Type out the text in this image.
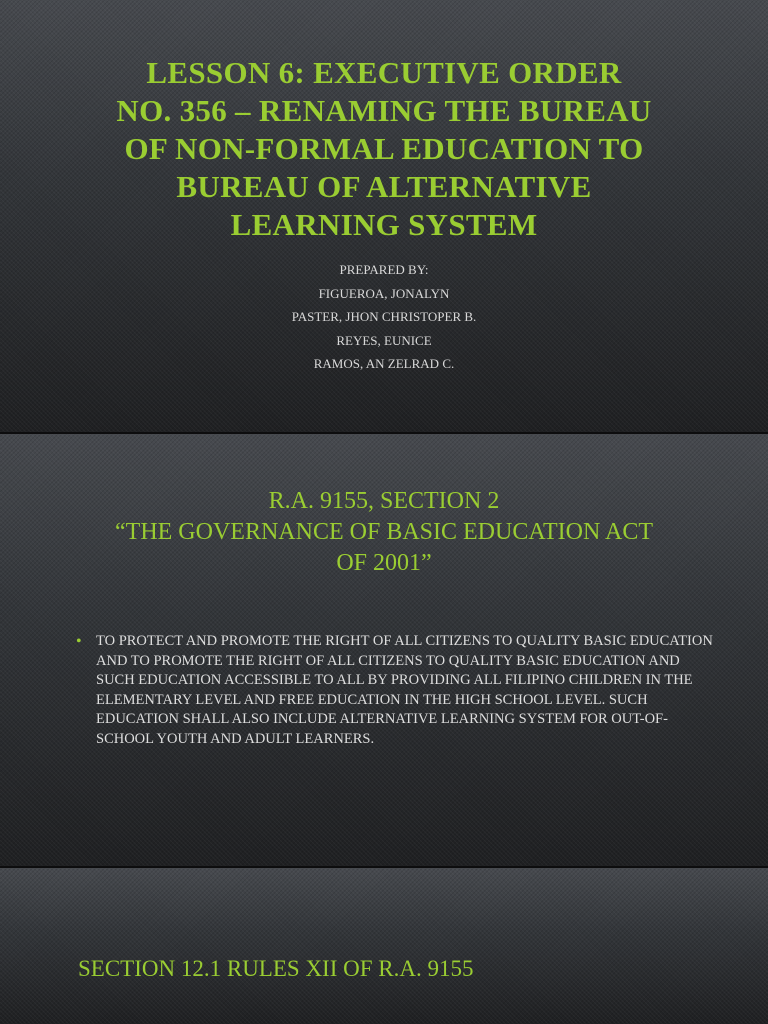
LESSON 6: EXECUTIVE ORDER
NO. 356 – RENAMING THE BUREAU
OF NON-FORMAL EDUCATION TO
BUREAU OF ALTERNATIVE
LEARNING SYSTEM
PREPARED BY:
FIGUEROA, JONALYN
PASTER, JHON CHRISTOPER B.
REYES, EUNICE
RAMOS, AN ZELRAD C.
R.A. 9155, SECTION 2
“THE GOVERNANCE OF BASIC EDUCATION ACT
OF 2001”
• TO PROTECT AND PROMOTE THE RIGHT OF ALL CITIZENS TO QUALITY BASIC EDUCATION AND TO PROMOTE THE RIGHT OF ALL CITIZENS TO QUALITY BASIC EDUCATION AND SUCH EDUCATION ACCESSIBLE TO ALL BY PROVIDING ALL FILIPINO CHILDREN IN THE ELEMENTARY LEVEL AND FREE EDUCATION IN THE HIGH SCHOOL LEVEL. SUCH EDUCATION SHALL ALSO INCLUDE ALTERNATIVE LEARNING SYSTEM FOR OUT-OF-SCHOOL YOUTH AND ADULT LEARNERS.
SECTION 12.1 RULES XII OF R.A. 9155
